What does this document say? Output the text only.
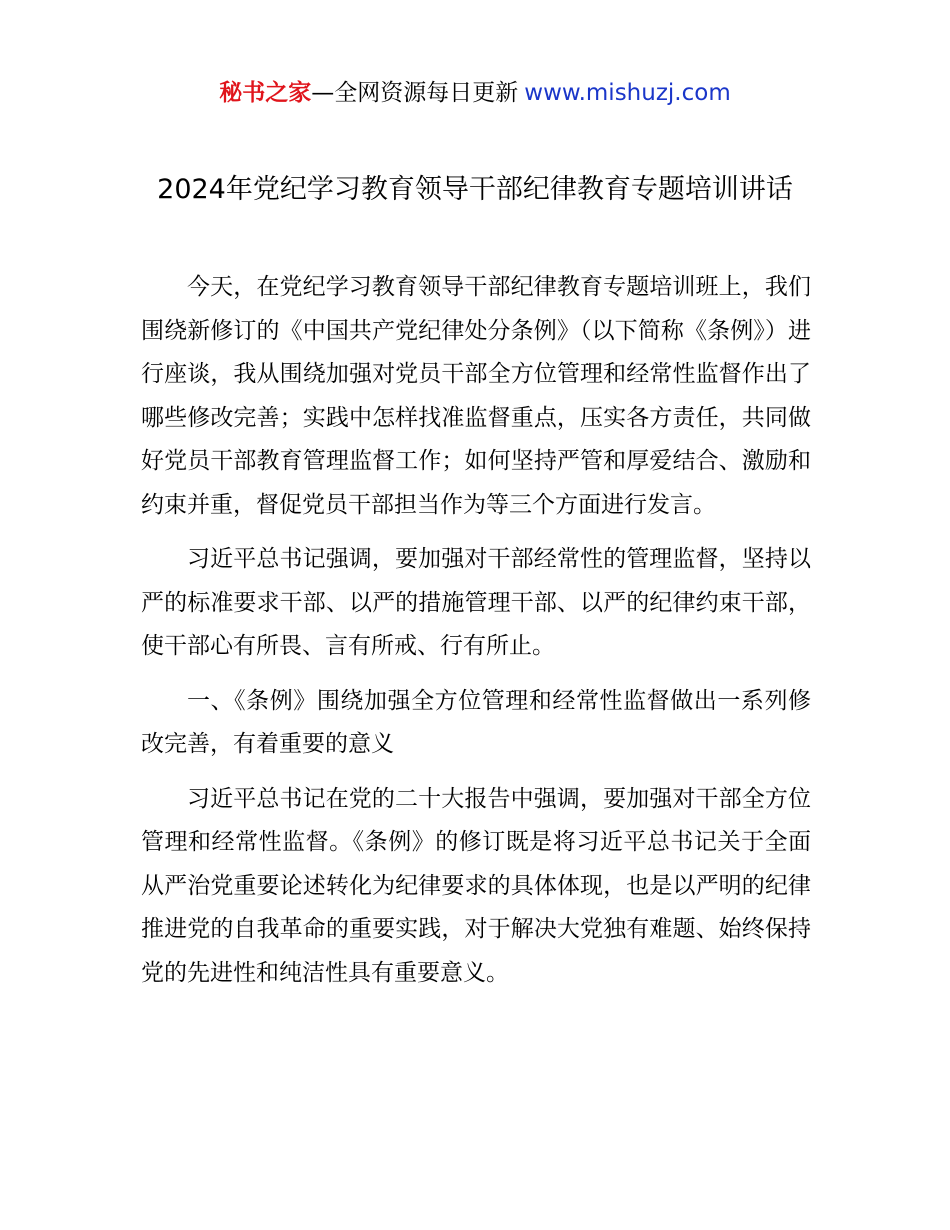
秘书之家—全网资源每日更新 www.mishuzj.com
2024年党纪学习教育领导干部纪律教育专题培训讲话

今天，在党纪学习教育领导干部纪律教育专题培训班上，我们围绕新修订的《中国共产党纪律处分条例》（以下简称《条例》）进行座谈，我从围绕加强对党员干部全方位管理和经常性监督作出了哪些修改完善；实践中怎样找准监督重点，压实各方责任，共同做好党员干部教育管理监督工作；如何坚持严管和厚爱结合、激励和约束并重，督促党员干部担当作为等三个方面进行发言。

习近平总书记强调，要加强对干部经常性的管理监督，坚持以严的标准要求干部、以严的措施管理干部、以严的纪律约束干部，使干部心有所畏、言有所戒、行有所止。

一、《条例》围绕加强全方位管理和经常性监督做出一系列修改完善，有着重要的意义

习近平总书记在党的二十大报告中强调，要加强对干部全方位管理和经常性监督。《条例》的修订既是将习近平总书记关于全面从严治党重要论述转化为纪律要求的具体体现，也是以严明的纪律推进党的自我革命的重要实践，对于解决大党独有难题、始终保持党的先进性和纯洁性具有重要意义。
